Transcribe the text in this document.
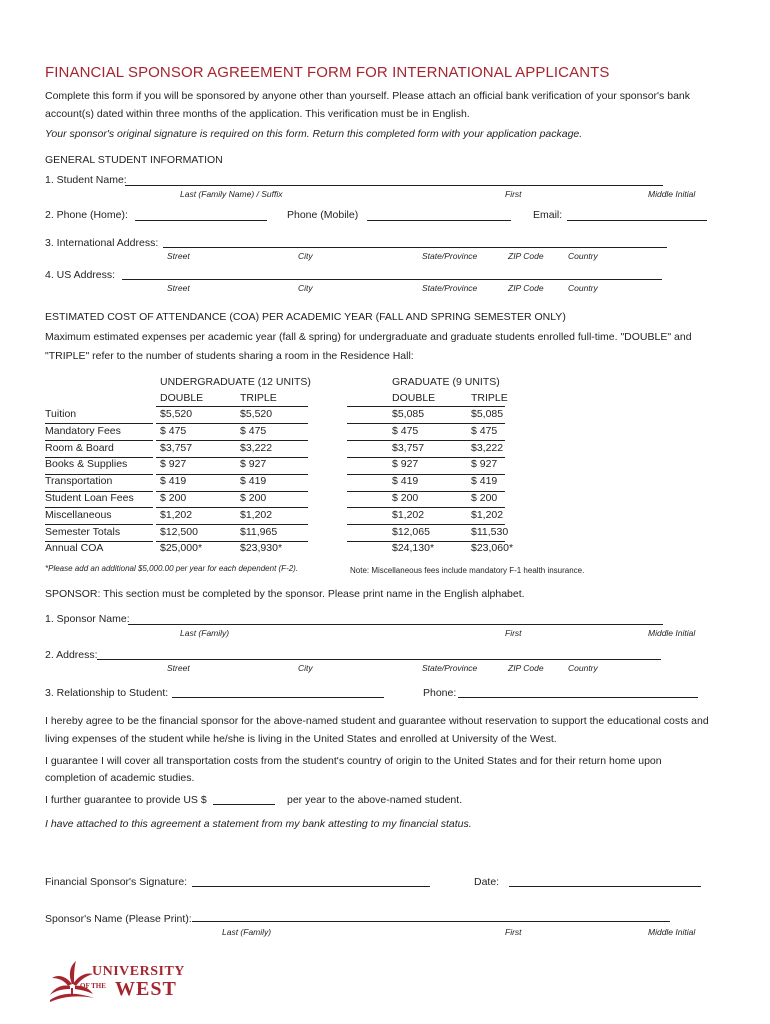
FINANCIAL SPONSOR AGREEMENT FORM FOR INTERNATIONAL APPLICANTS
Complete this form if you will be sponsored by anyone other than yourself. Please attach an official bank verification of your sponsor's bank
account(s) dated within three months of the application. This verification must be in English.
Your sponsor's original signature is required on this form. Return this completed form with your application package.
GENERAL STUDENT INFORMATION
1. Student Name:
Last (Family Name) / Suffix	First	Middle Initial
2. Phone (Home):	Phone (Mobile)	Email:
3. International Address:
Street	City	State/Province	ZIP Code	Country
4. US Address:
Street	City	State/Province	ZIP Code	Country
ESTIMATED COST OF ATTENDANCE (COA) PER ACADEMIC YEAR (FALL AND SPRING SEMESTER ONLY)
Maximum estimated expenses per academic year (fall & spring) for undergraduate and graduate students enrolled full-time. "DOUBLE" and
"TRIPLE" refer to the number of students sharing a room in the Residence Hall:
UNDERGRADUATE (12 UNITS)	GRADUATE (9 UNITS)
DOUBLE	TRIPLE	DOUBLE	TRIPLE
Tuition	$5,520	$5,520	$5,085	$5,085
Mandatory Fees	$ 475	$ 475	$ 475	$ 475
Room & Board	$3,757	$3,222	$3,757	$3,222
Books & Supplies	$ 927	$ 927	$ 927	$ 927
Transportation	$ 419	$ 419	$ 419	$ 419
Student Loan Fees	$ 200	$ 200	$ 200	$ 200
Miscellaneous	$1,202	$1,202	$1,202	$1,202
Semester Totals	$12,500	$11,965	$12,065	$11,530
Annual COA	$25,000*	$23,930*	$24,130*	$23,060*
*Please add an additional $5,000.00 per year for each dependent (F-2).	Note: Miscellaneous fees include mandatory F-1 health insurance.
SPONSOR: This section must be completed by the sponsor. Please print name in the English alphabet.
1. Sponsor Name:
Last (Family)	First	Middle Initial
2. Address:
Street	City	State/Province	ZIP Code	Country
3. Relationship to Student:	Phone:
I hereby agree to be the financial sponsor for the above-named student and guarantee without reservation to support the educational costs and
living expenses of the student while he/she is living in the United States and enrolled at University of the West.
I guarantee I will cover all transportation costs from the student's country of origin to the United States and for their return home upon
completion of academic studies.
I further guarantee to provide US $	per year to the above-named student.
I have attached to this agreement a statement from my bank attesting to my financial status.
Financial Sponsor's Signature:	Date:
Sponsor's Name (Please Print):
Last (Family)	First	Middle Initial
UNIVERSITY
OF THE WEST
